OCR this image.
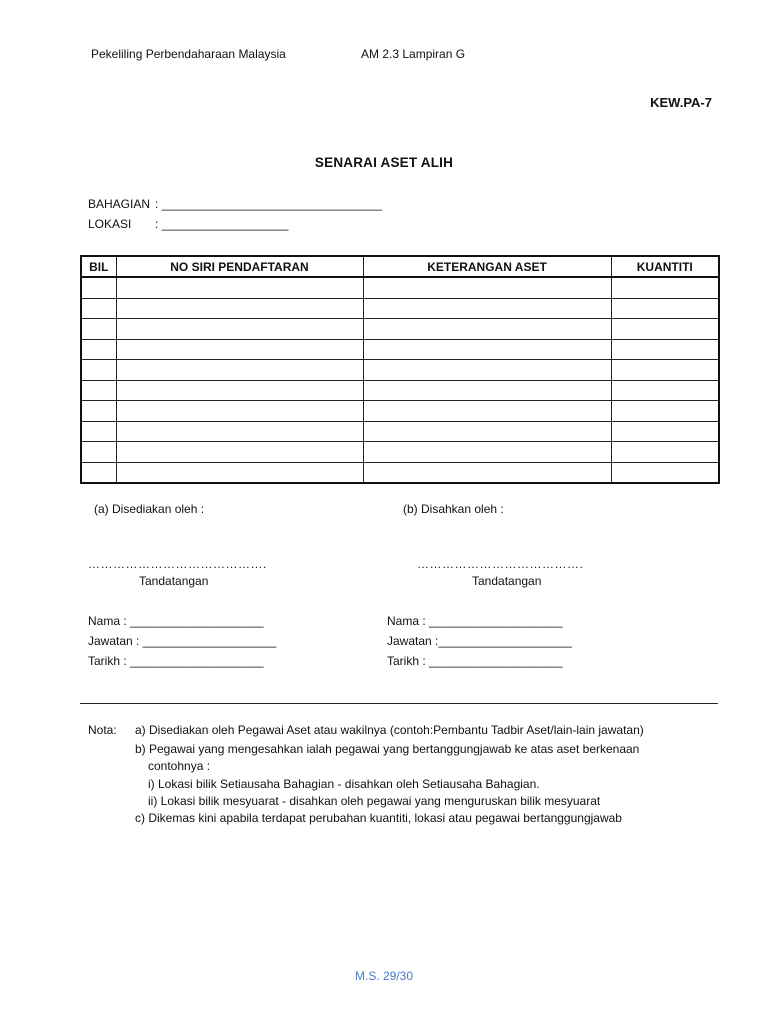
Pekeliling Perbendaharaan Malaysia	AM 2.3 Lampiran G
KEW.PA-7
SENARAI ASET ALIH
BAHAGIAN : _________________________________
LOKASI : ___________________
BIL	NO SIRI PENDAFTARAN	KETERANGAN ASET	KUANTITI

(a) Disediakan oleh :
…………………………………….
Tandatangan
Nama : ____________________
Jawatan : ____________________
Tarikh : ____________________
(b) Disahkan oleh :
………………………………….
Tandatangan
Nama : ____________________
Jawatan :____________________
Tarikh : ____________________
Nota: a) Disediakan oleh Pegawai Aset atau wakilnya (contoh:Pembantu Tadbir Aset/lain-lain jawatan)
b) Pegawai yang mengesahkan ialah pegawai yang bertanggungjawab ke atas aset berkenaan
contohnya :
i) Lokasi bilik Setiausaha Bahagian - disahkan oleh Setiausaha Bahagian.
ii) Lokasi bilik mesyuarat - disahkan oleh pegawai yang menguruskan bilik mesyuarat
c) Dikemas kini apabila terdapat perubahan kuantiti, lokasi atau pegawai bertanggungjawab
M.S. 29/30
